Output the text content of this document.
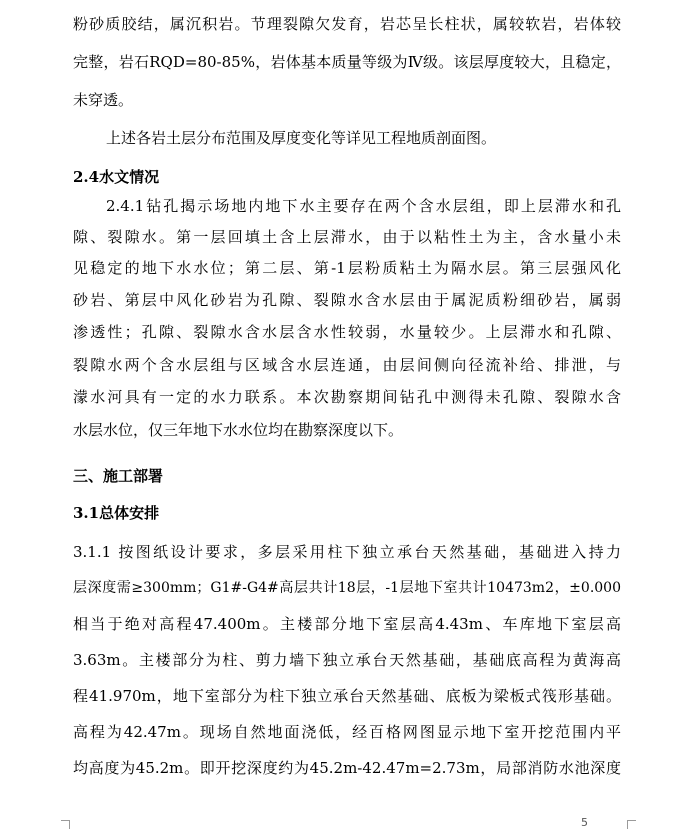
粉砂质胶结，属沉积岩。节理裂隙欠发育，岩芯呈长柱状，属较软岩，岩体较
完整，岩石RQD=80-85%，岩体基本质量等级为Ⅳ级。该层厚度较大，且稳定，
未穿透。
上述各岩土层分布范围及厚度变化等详见工程地质剖面图。
2.4水文情况
2.4.1钻孔揭示场地内地下水主要存在两个含水层组，即上层滞水和孔
隙、裂隙水。第一层回填土含上层滞水，由于以粘性土为主，含水量小未
见稳定的地下水水位；第二层、第-1层粉质粘土为隔水层。第三层强风化
砂岩、第层中风化砂岩为孔隙、裂隙水含水层由于属泥质粉细砂岩，属弱
渗透性；孔隙、裂隙水含水层含水性较弱，水量较少。上层滞水和孔隙、
裂隙水两个含水层组与区域含水层连通，由层间侧向径流补给、排泄，与
濛水河具有一定的水力联系。本次勘察期间钻孔中测得未孔隙、裂隙水含
水层水位，仅三年地下水水位均在勘察深度以下。
三、施工部署
3.1总体安排
3.1.1 按图纸设计要求，多层采用柱下独立承台天然基础，基础进入持力
层深度需≥300mm；G1#-G4#高层共计18层，-1层地下室共计10473m2，±0.000
相当于绝对高程47.400m。主楼部分地下室层高4.43m、车库地下室层高
3.63m。主楼部分为柱、剪力墙下独立承台天然基础，基础底高程为黄海高
程41.970m，地下室部分为柱下独立承台天然基础、底板为梁板式筏形基础。
高程为42.47m。现场自然地面浇低，经百格网图显示地下室开挖范围内平
均高度为45.2m。即开挖深度约为45.2m-42.47m=2.73m，局部消防水池深度
5
